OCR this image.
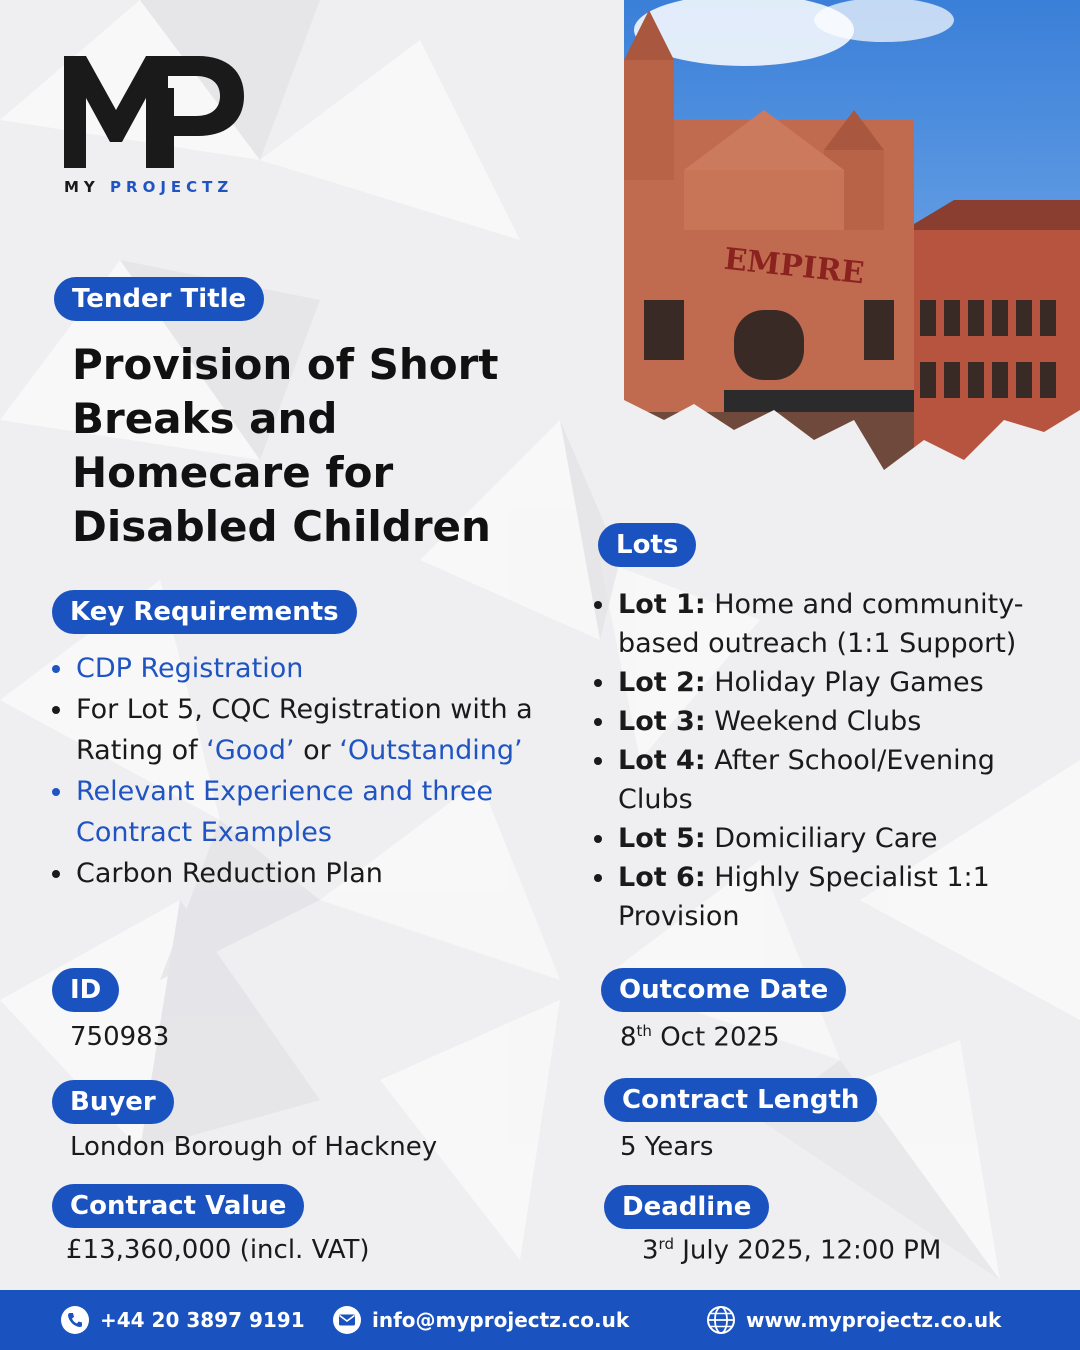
MY PROJECTZ
EMPIRE
Tender Title
Provision of Short Breaks and Homecare for Disabled Children
Key Requirements
CDP Registration
For Lot 5, CQC Registration with a Rating of ‘Good’ or ‘Outstanding’
Relevant Experience and three Contract Examples
Carbon Reduction Plan
Lots
Lot 1: Home and community-based outreach (1:1 Support)
Lot 2: Holiday Play Games
Lot 3: Weekend Clubs
Lot 4: After School/Evening Clubs
Lot 5: Domiciliary Care
Lot 6: Highly Specialist 1:1 Provision
ID
750983
Buyer
London Borough of Hackney
Contract Value
£13,360,000 (incl. VAT)
Outcome Date
8th Oct 2025
Contract Length
5 Years
Deadline
3rd July 2025, 12:00 PM
+44 20 3897 9191	info@myprojectz.co.uk	www.myprojectz.co.uk
